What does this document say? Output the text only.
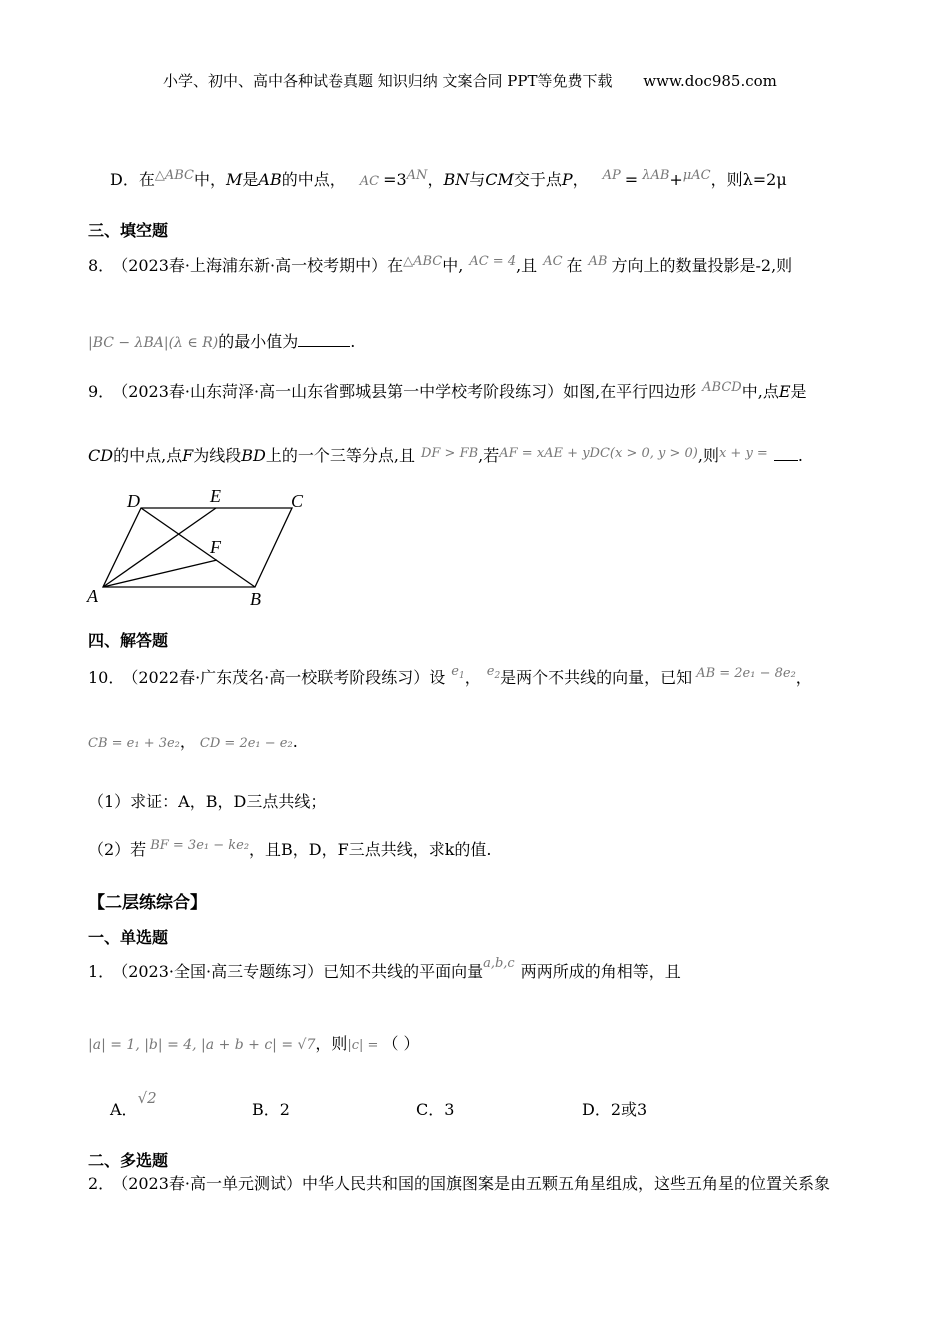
小学、初中、高中各种试卷真题 知识归纳 文案合同 PPT等免费下载 www.doc985.com
D．在$^{\triangle ABC}$中，M是AB的中点， AC $=3^{AN}$，BN与CM交于点P， $^{AP}$ = $^{\lambda AB}$+$^{\mu AC}$，则λ=2μ
三、填空题
8． （2023春·上海浦东新·高一校考期中）在$^{\triangle ABC}$中, $^{AC = 4}$,且 $^{AC}$ 在 $^{AB}$ 方向上的数量投影是-2,则
|BC − λBA|(λ ∈ R)的最小值为	.
9． （2023春·山东菏泽·高一山东省鄄城县第一中学校考阶段练习）如图,在平行四边形 $^{ABCD}$中,点E是
CD的中点,点F为线段BD上的一个三等分点,且 $^{DF > FB}$,若$^{AF = xAE + yDC(x > 0, y > 0)}$,则$^{x + y =}$ .
D	E	C
F
A	B
四、解答题
10． （2022春·广东茂名·高一校联考阶段练习）设 $^{e_1}$， $^{e_2}$是两个不共线的向量，已知 $^{AB = 2e_1 - 8e_2}$，
CB = e₁ + 3e₂， CD = 2e₁ − e₂.
（1）求证：A，B，D三点共线；
（2）若 $^{BF = 3e_1 - ke_2}$，且B，D，F三点共线，求k的值.
【二层练综合】
一、单选题
1． （2023·全国·高三专题练习）已知不共线的平面向量$^{a,b,c}$ 两两所成的角相等，且
|a| = 1, |b| = 4, |a + b + c| = √7，则|c| = （ ）
A．√2
B．2	C．3	D．2或3
二、多选题
2． （2023春·高一单元测试）中华人民共和国的国旗图案是由五颗五角星组成，这些五角星的位置关系象
